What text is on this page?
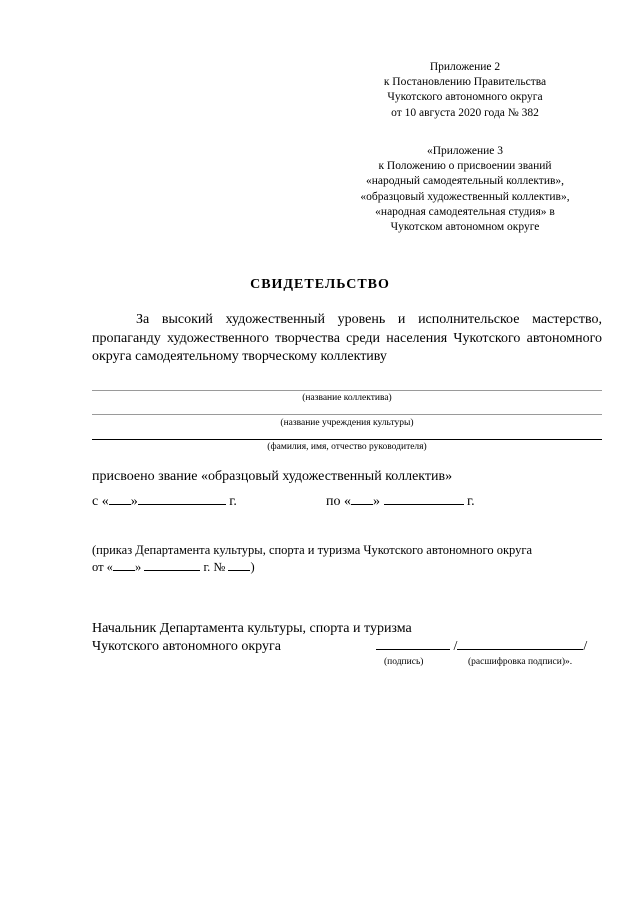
Приложение 2
к Постановлению Правительства
Чукотского автономного округа
от 10 августа 2020 года № 382
«Приложение 3
к Положению о присвоении званий
«народный самодеятельный коллектив»,
«образцовый художественный коллектив»,
«народная самодеятельная студия» в
Чукотском автономном округе
СВИДЕТЕЛЬСТВО
За высокий художественный уровень и исполнительское мастерство, пропаганду художественного творчества среди населения Чукотского автономного округа самодеятельному творческому коллективу
(название коллектива)
(название учреждения культуры)
(фамилия, имя, отчество руководителя)
присвоено звание «образцовый художественный коллектив»
с « »	г.	по « »	г.
(приказ Департамента культуры, спорта и туризма Чукотского автономного округа
от « »	г. № )
Начальник Департамента культуры, спорта и туризма
Чукотского автономного округа	/	/
(подпись)	(расшифровка подписи)».
